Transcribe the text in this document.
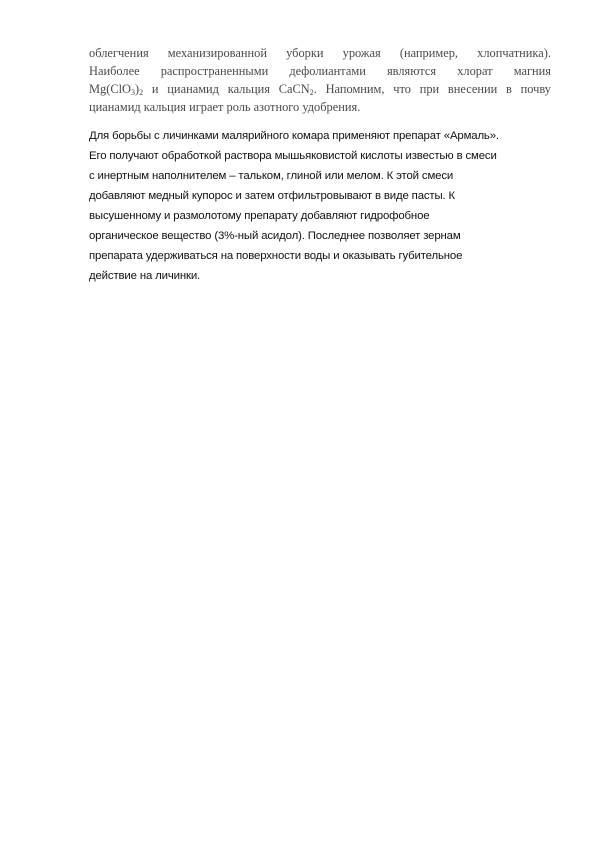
облегчения механизированной уборки урожая (например, хлопчатника).
Наиболее распространенными дефолиантами являются хлорат магния
$Mg(ClO_3)_2$ и цианамид кальция CaCN$_2$. Напомним, что при внесении в почву
цианамид кальция играет роль азотного удобрения.

Для борьбы с личинками малярийного комара применяют препарат «Армаль».
Его получают обработкой раствора мышьяковистой кислоты известью в смеси
с инертным наполнителем – тальком, глиной или мелом. К этой смеси
добавляют медный купорос и затем отфильтровывают в виде пасты. К
высушенному и размолотому препарату добавляют гидрофобное
органическое вещество (3%-ный асидол). Последнее позволяет зернам
препарата удерживаться на поверхности воды и оказывать губительное
действие на личинки.
